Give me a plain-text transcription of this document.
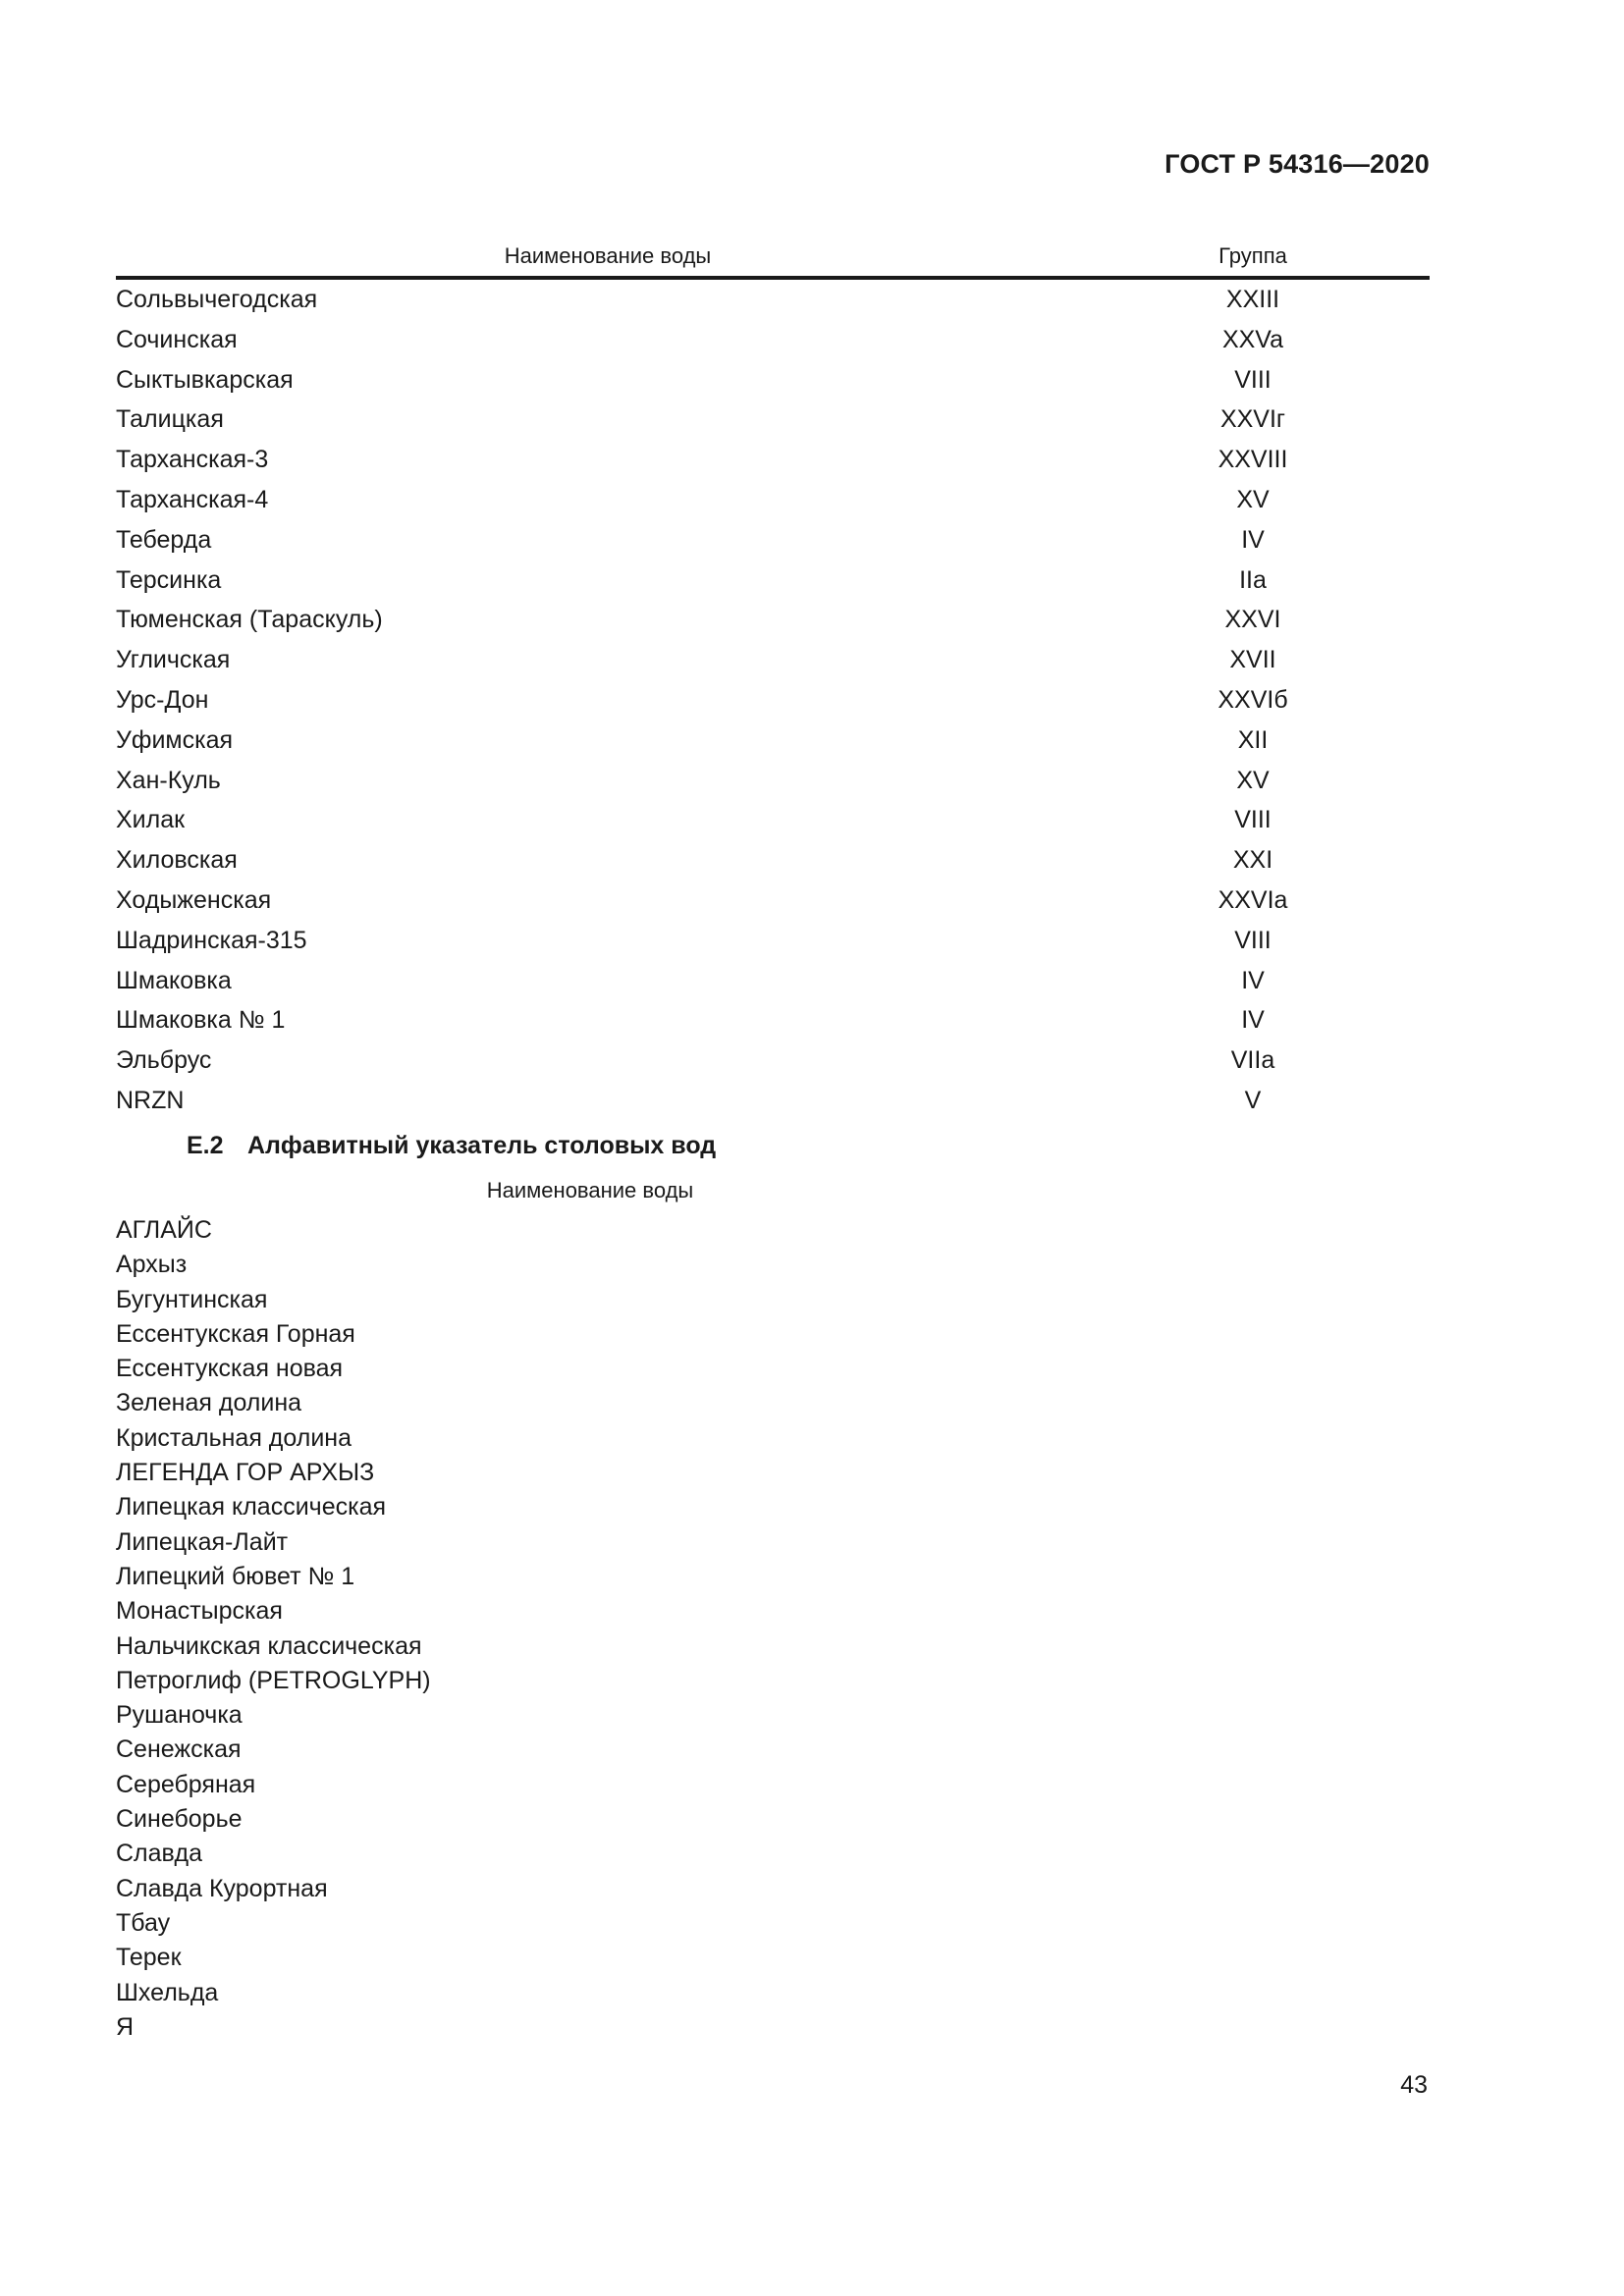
ГОСТ Р 54316—2020
Наименование воды	Группа
Сольвычегодская	XXIII
Сочинская	XXVa
Сыктывкарская	VIII
Талицкая	XXVIг
Тарханская-3	XXVIII
Тарханская-4	XV
Теберда	IV
Терсинка	IIa
Тюменская (Тараскуль)	XXVI
Угличская	XVII
Урс-Дон	XXVIб
Уфимская	XII
Хан-Куль	XV
Хилак	VIII
Хиловская	XXI
Ходыженская	XXVIa
Шадринская-315	VIII
Шмаковка	IV
Шмаковка № 1	IV
Эльбрус	VIIa
NRZN	V
Е.2 Алфавитный указатель столовых вод
Наименование воды
АГЛАЙС
Архыз
Бугунтинская
Ессентукская Горная
Ессентукская новая
Зеленая долина
Кристальная долина
ЛЕГЕНДА ГОР АРХЫЗ
Липецкая классическая
Липецкая-Лайт
Липецкий бювет № 1
Монастырская
Нальчикская классическая
Петроглиф (PETROGLYPH)
Рушаночка
Сенежская
Серебряная
Синеборье
Славда
Славда Курортная
Тбау
Терек
Шхельда
Я
43
